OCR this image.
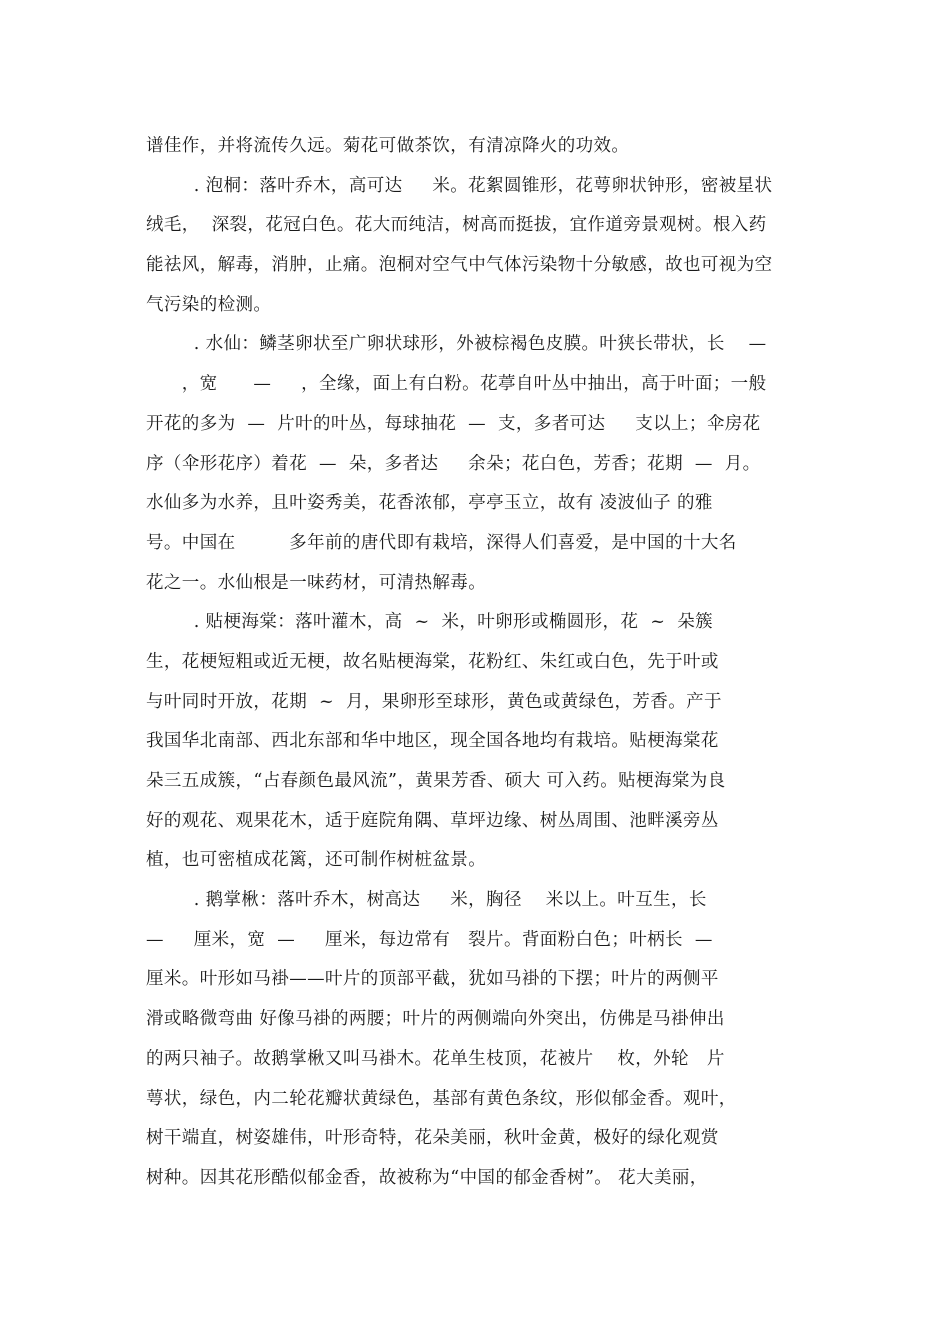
谱佳作，并将流传久远。菊花可做茶饮，有清凉降火的功效。
. 泡桐：落叶乔木，高可达     米。花絮圆锥形，花萼卵状钟形，密被星状
绒毛，  深裂，花冠白色。花大而纯洁，树高而挺拔，宜作道旁景观树。根入药
能祛风，解毒，消肿，止痛。泡桐对空气中气体污染物十分敏感，故也可视为空
气污染的检测。
. 水仙：鳞茎卵状至广卵状球形，外被棕褐色皮膜。叶狭长带状，长    —
，宽      —     ，全缘，面上有白粉。花葶自叶丛中抽出，高于叶面；一般
开花的多为  —  片叶的叶丛，每球抽花  —  支，多者可达     支以上；伞房花
序（伞形花序）着花  —  朵，多者达     余朵；花白色，芳香；花期  —  月。
水仙多为水养，且叶姿秀美，花香浓郁，亭亭玉立，故有 凌波仙子 的雅
号。中国在         多年前的唐代即有栽培，深得人们喜爱，是中国的十大名
花之一。水仙根是一味药材，可清热解毒。
. 贴梗海棠：落叶灌木，高  ~  米，叶卵形或椭圆形，花  ~  朵簇
生，花梗短粗或近无梗，故名贴梗海棠，花粉红、朱红或白色，先于叶或
与叶同时开放，花期  ~  月，果卵形至球形，黄色或黄绿色，芳香。产于
我国华北南部、西北东部和华中地区，现全国各地均有栽培。贴梗海棠花
朵三五成簇，“占春颜色最风流”，黄果芳香、硕大 可入药。贴梗海棠为良
好的观花、观果花木，适于庭院角隅、草坪边缘、树丛周围、池畔溪旁丛
植，也可密植成花篱，还可制作树桩盆景。
. 鹅掌楸：落叶乔木，树高达     米，胸径    米以上。叶互生，长
—     厘米，宽  —     厘米，每边常有   裂片。背面粉白色；叶柄长  —
厘米。叶形如马褂——叶片的顶部平截，犹如马褂的下摆；叶片的两侧平
滑或略微弯曲 好像马褂的两腰；叶片的两侧端向外突出，仿佛是马褂伸出
的两只袖子。故鹅掌楸又叫马褂木。花单生枝顶，花被片    枚，外轮   片
萼状，绿色，内二轮花瓣状黄绿色，基部有黄色条纹，形似郁金香。观叶，
树干端直，树姿雄伟，叶形奇特，花朵美丽，秋叶金黄，极好的绿化观赏
树种。因其花形酷似郁金香，故被称为“中国的郁金香树”。 花大美丽，
